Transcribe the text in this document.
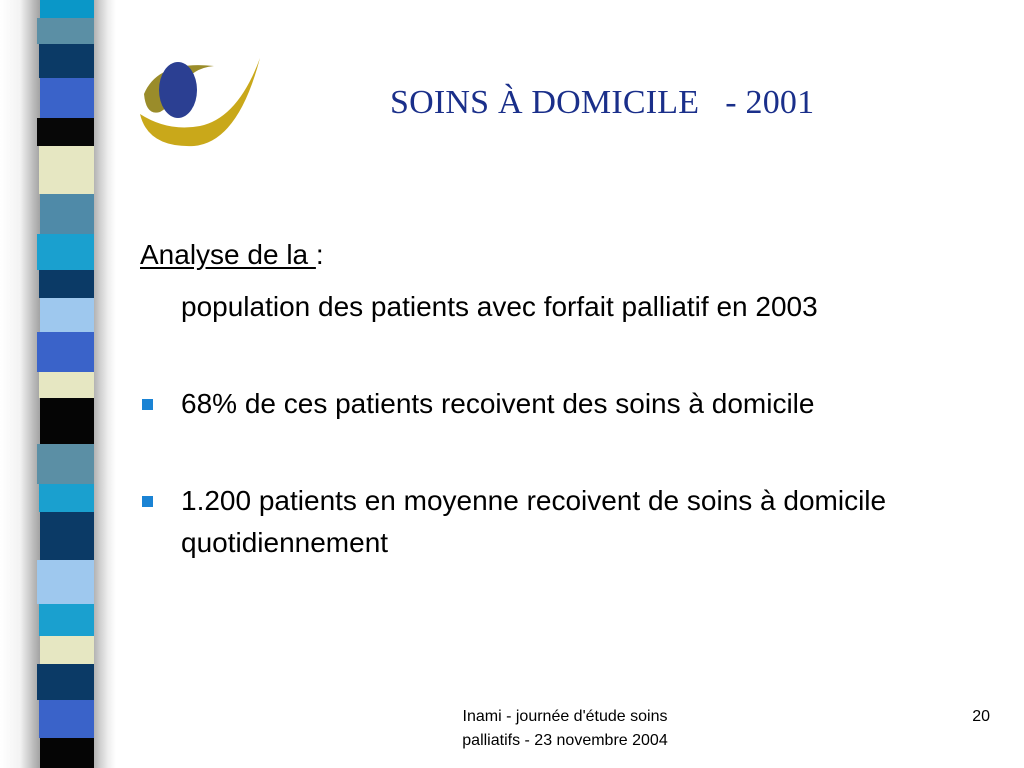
SOINS À DOMICILE   - 2001
Analyse de la :
population des patients avec forfait palliatif en 2003
68% de ces patients recoivent des soins à domicile
1.200 patients en moyenne recoivent de soins à domicile quotidiennement
Inami - journée d'étude soins
palliatifs - 23 novembre 2004
20
